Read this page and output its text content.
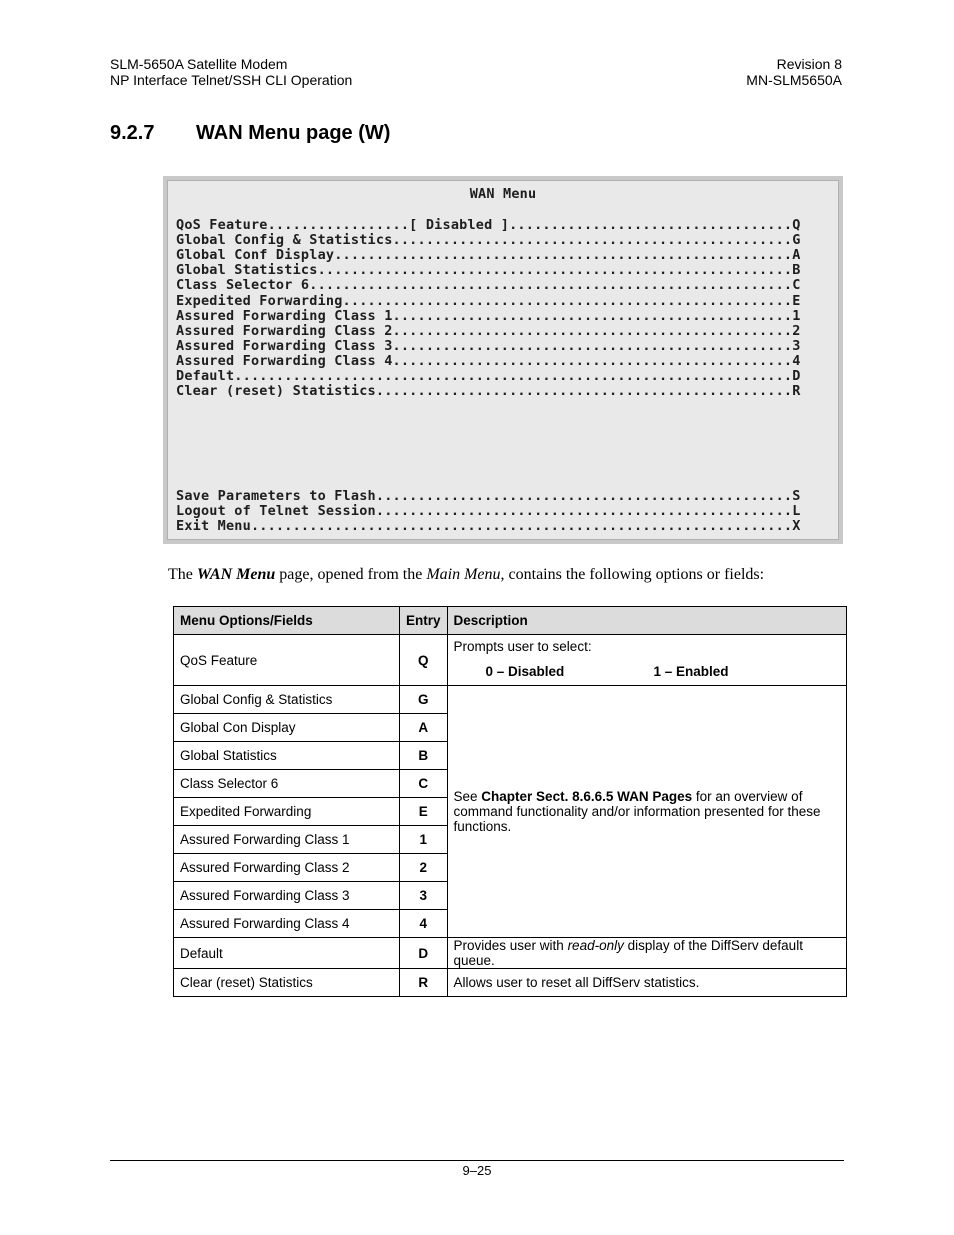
SLM-5650A Satellite Modem
NP Interface Telnet/SSH CLI Operation
Revision 8
MN-SLM5650A
9.2.7 WAN Menu page (W)
WAN Menu
QoS Feature.................[ Disabled ]..................................Q
Global Config & Statistics................................................G
Global Conf Display.......................................................A
Global Statistics.........................................................B
Class Selector 6..........................................................C
Expedited Forwarding......................................................E
Assured Forwarding Class 1................................................1
Assured Forwarding Class 2................................................2
Assured Forwarding Class 3................................................3
Assured Forwarding Class 4................................................4
Default...................................................................D
Clear (reset) Statistics..................................................R
Save Parameters to Flash..................................................S
Logout of Telnet Session..................................................L
Exit Menu.................................................................X
The WAN Menu page, opened from the Main Menu, contains the following options or fields:
Menu Options/Fields	Entry	Description
QoS Feature	Q	Prompts user to select:
0 – Disabled 1 – Enabled

Global Config & Statistics	G	See Chapter Sect. 8.6.6.5 WAN Pages for an overview of command functionality and/or information presented for these functions.
Global Con Display	A	
Global Statistics	B	
Class Selector 6	C	
Expedited Forwarding	E	
Assured Forwarding Class 1	1	
Assured Forwarding Class 2	2	
Assured Forwarding Class 3	3	
Assured Forwarding Class 4	4	
Default	D	Provides user with read-only display of the DiffServ default queue.
Clear (reset) Statistics	R	Allows user to reset all DiffServ statistics.
9–25
